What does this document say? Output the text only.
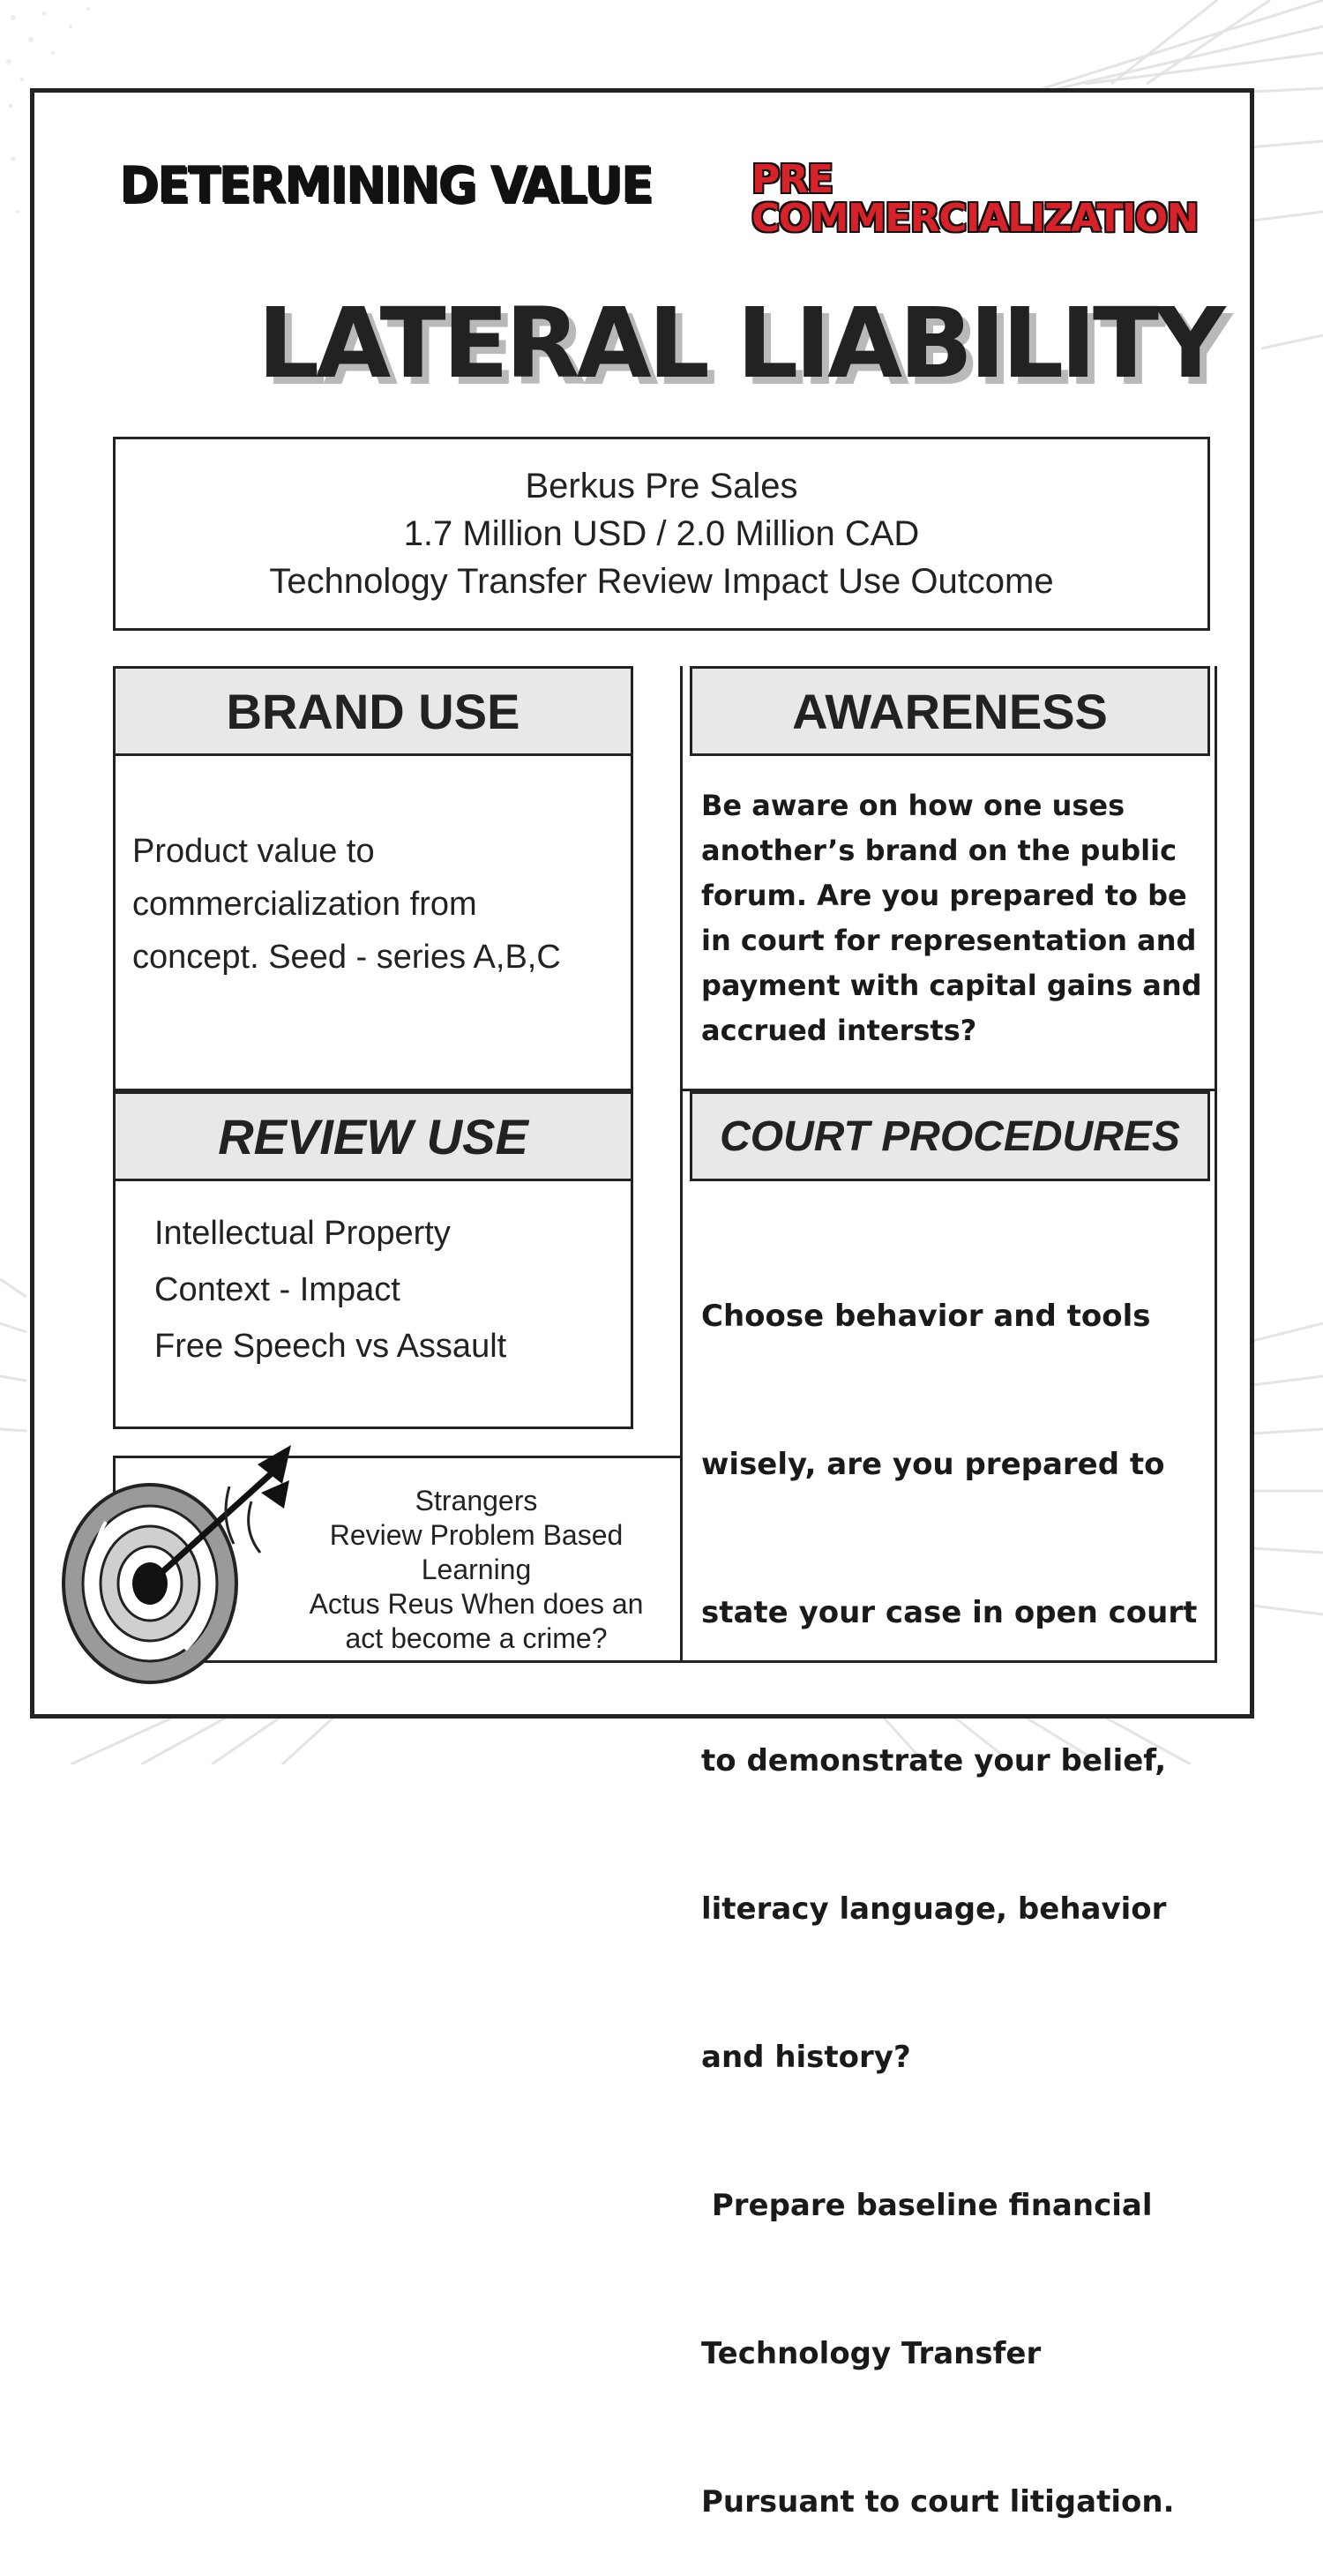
DETERMINING VALUE	PRE
COMMERCIALIZATION
LATERAL LIABILITY
Berkus Pre Sales
1.7 Million USD / 2.0 Million CAD
Technology Transfer Review Impact Use Outcome
BRAND USE
Product value to
commercialization from
concept. Seed - series A,B,C
AWARENESS
Be aware on how one uses
another’s brand on the public
forum. Are you prepared to be
in court for representation and
payment with capital gains and
accrued intersts?
REVIEW USE
Intellectual Property
Context - Impact
Free Speech vs Assault
COURT PROCEDURES

Choose behavior and tools

wisely, are you prepared to

state your case in open court

to demonstrate your belief,

literacy language, behavior

and history?

Prepare baseline financial

Technology Transfer

Pursuant to court litigation.

Strangers
Review Problem Based
Learning
Actus Reus When does an
act become a crime?
